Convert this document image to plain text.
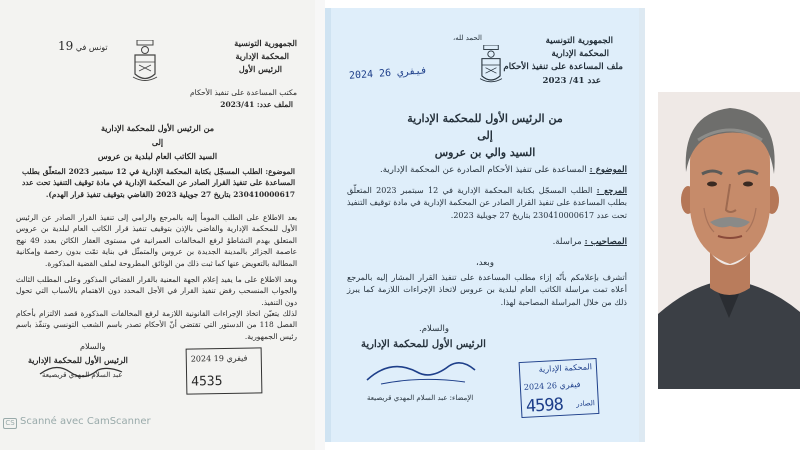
الجمهورية التونسية
المحكمة الإدارية
الرئيس الأول
تونس في 19
مكتب المساعدة على تنفيذ الأحكام
الملف عدد: 2023/41
من الرئيس الأول للمحكمة الإدارية
إلى
السيد الكاتب العام لبلدية بن عروس
الموضوع: الطلب المسجّل بكتابة المحكمة الإدارية في 12 سبتمبر 2023 المتعلّق بطلب المساعدة على تنفيذ القرار الصادر عن المحكمة الإدارية في مادة توقيف التنفيذ تحت عدد 230410000617 بتاريخ 27 جويلية 2023 (القاضي بتوقيف تنفيذ قرار الهدم).
بعد الاطلاع على الطلب المومأ إليه بالمرجع والرامي إلى تنفيذ القرار الصادر عن الرئيس الأول للمحكمة الإدارية والقاضي بالإذن بتوقيف تنفيذ قرار الكاتب العام لبلدية بن عروس المتعلق بهدم التشاطؤ لرفع المخالفات العمرانية في مستوى العقار الكائن بعدد 49 نهج عاصمة الجزائر بالمدينة الجديدة بن عروس والمتمثّل في بناية تمّت بدون رخصة وإمكانية المطالبة بالتعويض عنها كما ثبت ذلك من الوثائق المطروحة لملف القضية المذكورة.
وبعد الاطلاع على ما يفيد إعلام الجهة المعنية بالقرار القضائي المذكور وعلى المطلب الثالث والجواب المنسحب رفض تنفيذ القرار في الأجل المحدد دون الاهتمام بالأسباب التي تحول دون التنفيذ.
لذلك يتعيّن اتخاذ الإجراءات القانونية اللازمة لرفع المخالفات المذكورة قصد الالتزام بأحكام الفصل 118 من الدستور التي تقتضي أنّ الأحكام تصدر باسم الشعب التونسي وتنفّذ باسم رئيس الجمهورية.
والسلام
الرئيس الأول للمحكمة الإدارية
عبد السلام المهدي قريصيعة
2024 فيفري 19
4535
CS Scanné avec CamScanner
الحمد لله،	الجمهورية التونسية
المحكمة الإدارية
ملف المساعدة على تنفيذ الأحكام
عدد 41/ 2023
2024 فيفري 26
من الرئيس الأول للمحكمة الإدارية
إلى
السيد والي بن عروس
الموضوع : المساعدة على تنفيذ الأحكام الصادرة عن المحكمة الإدارية.
المرجع : الطلب المسجّل بكتابة المحكمة الإدارية في 12 سبتمبر 2023 المتعلّق بطلب المساعدة على تنفيذ القرار الصادر عن المحكمة الإدارية في مادة توقيف التنفيذ تحت عدد 230410000617 بتاريخ 27 جويلية 2023.
المصاحيب : مراسلة.
وبعد،
أتشرف بإعلامكم بأنّه إزاء مطلب المساعدة على تنفيذ القرار المشار إليه بالمرجع أعلاه تمت مراسلة الكاتب العام لبلدية بن عروس لاتخاذ الإجراءات اللازمة كما يبرز ذلك من خلال المراسلة المصاحبة لهذا.
والسلام.
الرئيس الأول للمحكمة الإدارية
الإمضاء: عبد السلام المهدي قريصيعة
المحكمة الإدارية
2024 فيفري 26
4598 الصادر
